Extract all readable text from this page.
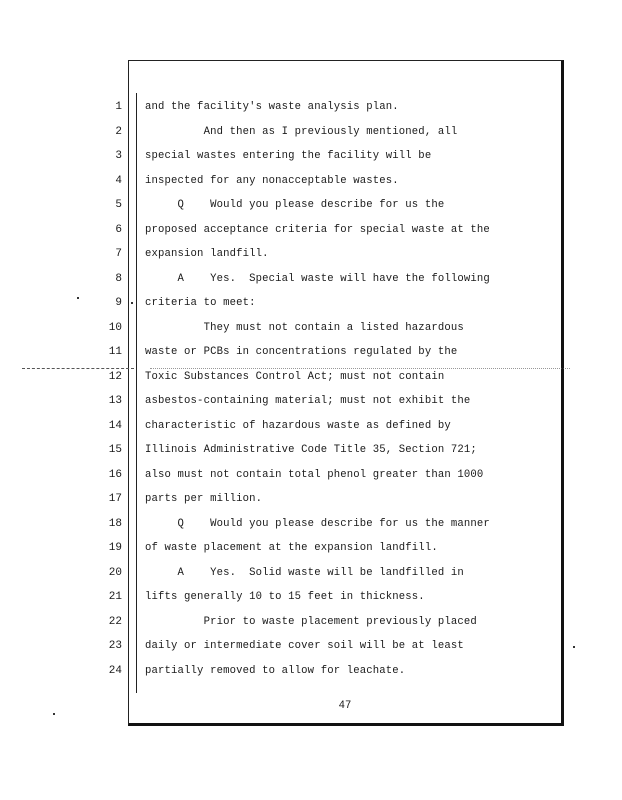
1 and the facility's waste analysis plan.
2 And then as I previously mentioned, all
3 special wastes entering the facility will be
4 inspected for any nonacceptable wastes.
5 Q    Would you please describe for us the
6 proposed acceptance criteria for special waste at the
7 expansion landfill.
8 A    Yes.  Special waste will have the following
9 criteria to meet:
10 They must not contain a listed hazardous
11 waste or PCBs in concentrations regulated by the
12 Toxic Substances Control Act; must not contain
13 asbestos-containing material; must not exhibit the
14 characteristic of hazardous waste as defined by
15 Illinois Administrative Code Title 35, Section 721;
16 also must not contain total phenol greater than 1000
17 parts per million.
18 Q    Would you please describe for us the manner
19 of waste placement at the expansion landfill.
20 A    Yes.  Solid waste will be landfilled in
21 lifts generally 10 to 15 feet in thickness.
22 Prior to waste placement previously placed
23 daily or intermediate cover soil will be at least
24 partially removed to allow for leachate.
47
